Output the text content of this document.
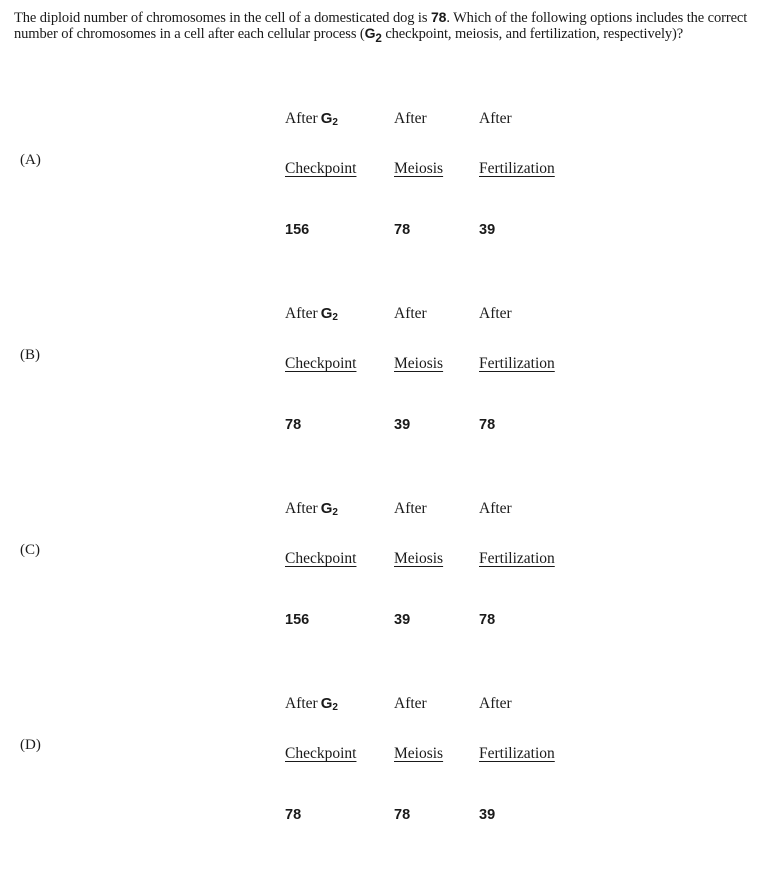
The diploid number of chromosomes in the cell of a domesticated dog is 78. Which of the following options includes the correct number of chromosomes in a cell after each cellular process ($G_2$ checkpoint, meiosis, and fertilization, respectively)?
(A)
After $G_2$	After	After
Checkpoint Meiosis Fertilization
156	78	39
(B)
After $G_2$	After	After
Checkpoint Meiosis Fertilization
78	39	78
(C)
After $G_2$	After	After
Checkpoint Meiosis Fertilization
156	39	78
(D)
After $G_2$	After	After
Checkpoint Meiosis Fertilization
78	78	39
